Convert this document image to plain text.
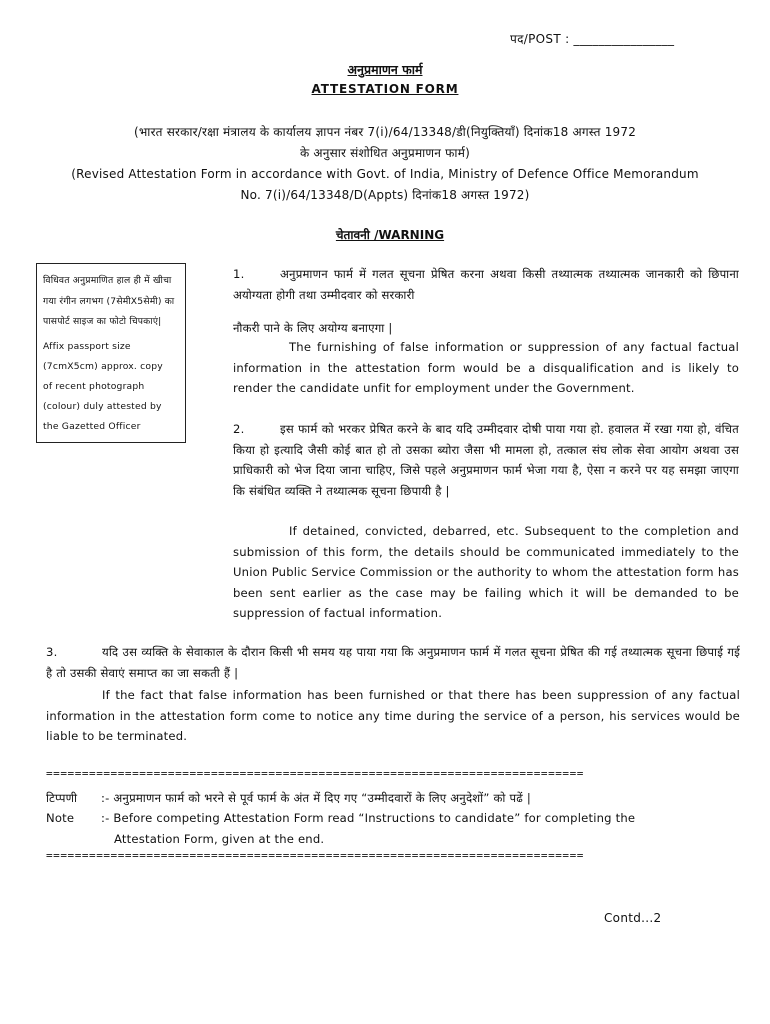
पद/POST : ________________
अनुप्रमाणन फार्म
ATTESTATION FORM
(भारत सरकार/रक्षा मंत्रालय के कार्यालय ज्ञापन नंबर 7(i)/64/13348/डी(नियुक्तियाँ) दिनांक18 अगस्त 1972
के अनुसार संशोधित अनुप्रमाणन फार्म)
(Revised Attestation Form in accordance with Govt. of India, Ministry of Defence Office Memorandum
No. 7(i)/64/13348/D(Appts) दिनांक18 अगस्त 1972)
चेतावनी /WARNING
विधिवत अनुप्रमाणित हाल ही में खीचा गया रंगीन लगभग (7सेमीX5सेमी) का पासपोर्ट साइज का फोटो चिपकाएं|
Affix passport size
(7cmX5cm) approx. copy
of recent photograph
(colour) duly attested by
the Gazetted Officer
1.	अनुप्रमाणन फार्म में गलत सूचना प्रेषित करना अथवा किसी तथ्यात्मक तथ्यात्मक जानकारी को छिपाना अयोग्यता होगी तथा उम्मीदवार को सरकारी
नौकरी पाने के लिए अयोग्य बनाएगा |
The furnishing of false information or suppression of any factual factual information in the attestation form would be a disqualification and is likely to render the candidate unfit for employment under the Government.
2.	इस फार्म को भरकर प्रेषित करने के बाद यदि उम्मीदवार दोषी पाया गया हो. हवालत में रखा गया हो, वंचित किया हो इत्यादि जैसी कोई बात हो तो उसका ब्योरा जैसा भी मामला हो, तत्काल संघ लोक सेवा आयोग अथवा उस प्राधिकारी को भेज दिया जाना चाहिए, जिसे पहले अनुप्रमाणन फार्म भेजा गया है, ऐसा न करने पर यह समझा जाएगा कि संबंधित व्यक्ति ने तथ्यात्मक सूचना छिपायी है |
If detained, convicted, debarred, etc. Subsequent to the completion and submission of this form, the details should be communicated immediately to the Union Public Service Commission or the authority to whom the attestation form has been sent earlier as the case may be failing which it will be demanded to be suppression of factual information.
3.	यदि उस व्यक्ति के सेवाकाल के दौरान किसी भी समय यह पाया गया कि अनुप्रमाणन फार्म में गलत सूचना प्रेषित की गई तथ्यात्मक सूचना छिपाई गई है तो उसकी सेवाएं समाप्त का जा सकती हैं |
If the fact that false information has been furnished or that there has been suppression of any factual information in the attestation form come to notice any time during the service of a person, his services would be liable to be terminated.
===========================================================================
टिप्पणी :- अनुप्रमाणन फार्म को भरने से पूर्व फार्म के अंत में दिए गए “उम्मीदवारों के लिए अनुदेशों” को पढें |
Note :- Before competing Attestation Form read “Instructions to candidate” for completing the
Attestation Form, given at the end.
===========================================================================
Contd...2
